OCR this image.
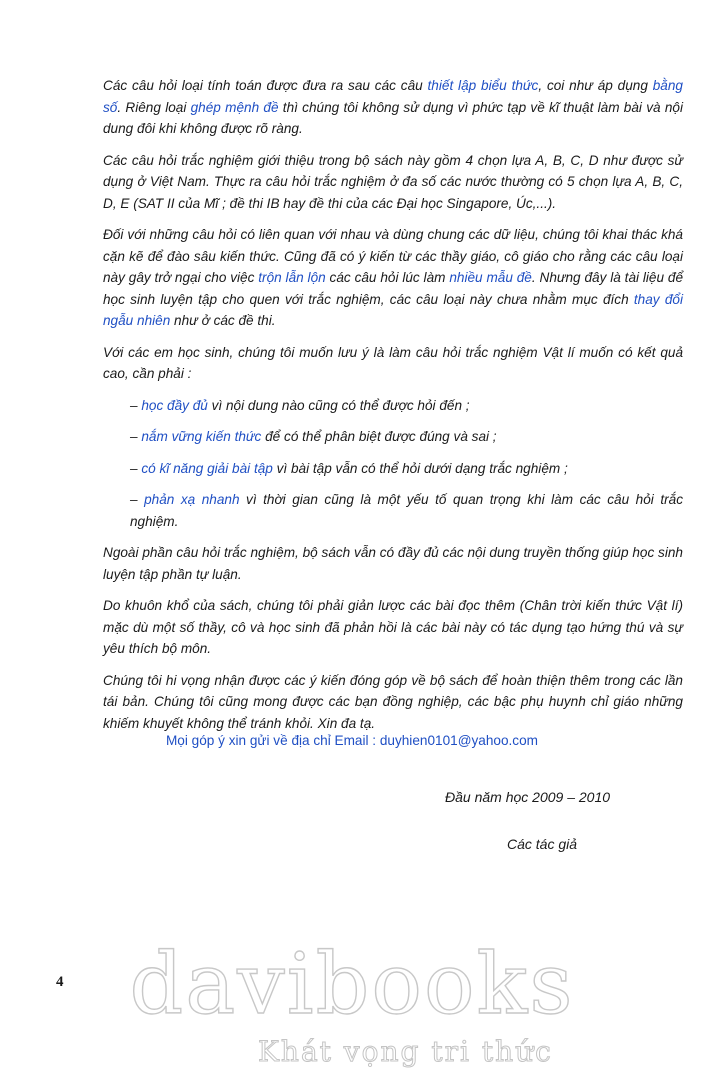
Các câu hỏi loại tính toán được đưa ra sau các câu thiết lập biểu thức, coi như áp dụng bằng số. Riêng loại ghép mệnh đề thì chúng tôi không sử dụng vì phức tạp về kĩ thuật làm bài và nội dung đôi khi không được rõ ràng.
Các câu hỏi trắc nghiệm giới thiệu trong bộ sách này gồm 4 chọn lựa A, B, C, D như được sử dụng ở Việt Nam. Thực ra câu hỏi trắc nghiệm ở đa số các nước thường có 5 chọn lựa A, B, C, D, E (SAT II của Mĩ ; đề thi IB hay đề thi của các Đại học Singapore, Úc,...).
Đối với những câu hỏi có liên quan với nhau và dùng chung các dữ liệu, chúng tôi khai thác khá cặn kẽ để đào sâu kiến thức. Cũng đã có ý kiến từ các thầy giáo, cô giáo cho rằng các câu loại này gây trở ngại cho việc trộn lẫn lộn các câu hỏi lúc làm nhiều mẫu đề. Nhưng đây là tài liệu để học sinh luyện tập cho quen với trắc nghiệm, các câu loại này chưa nhằm mục đích thay đổi ngẫu nhiên như ở các đề thi.
Với các em học sinh, chúng tôi muốn lưu ý là làm câu hỏi trắc nghiệm Vật lí muốn có kết quả cao, cần phải :
– học đầy đủ vì nội dung nào cũng có thể được hỏi đến ;
– nắm vững kiến thức để có thể phân biệt được đúng và sai ;
– có kĩ năng giải bài tập vì bài tập vẫn có thể hỏi dưới dạng trắc nghiệm ;
– phản xạ nhanh vì thời gian cũng là một yếu tố quan trọng khi làm các câu hỏi trắc nghiệm.
Ngoài phần câu hỏi trắc nghiệm, bộ sách vẫn có đầy đủ các nội dung truyền thống giúp học sinh luyện tập phần tự luận.
Do khuôn khổ của sách, chúng tôi phải giản lược các bài đọc thêm (Chân trời kiến thức Vật lí) mặc dù một số thầy, cô và học sinh đã phản hồi là các bài này có tác dụng tạo hứng thú và sự yêu thích bộ môn.
Chúng tôi hi vọng nhận được các ý kiến đóng góp về bộ sách để hoàn thiện thêm trong các lần tái bản. Chúng tôi cũng mong được các bạn đồng nghiệp, các bậc phụ huynh chỉ giáo những khiếm khuyết không thể tránh khỏi. Xin đa tạ.
Mọi góp ý xin gửi về địa chỉ Email : duyhien0101@yahoo.com
Đầu năm học 2009 – 2010
Các tác giả
4 davibooks
Khát vọng tri thức
